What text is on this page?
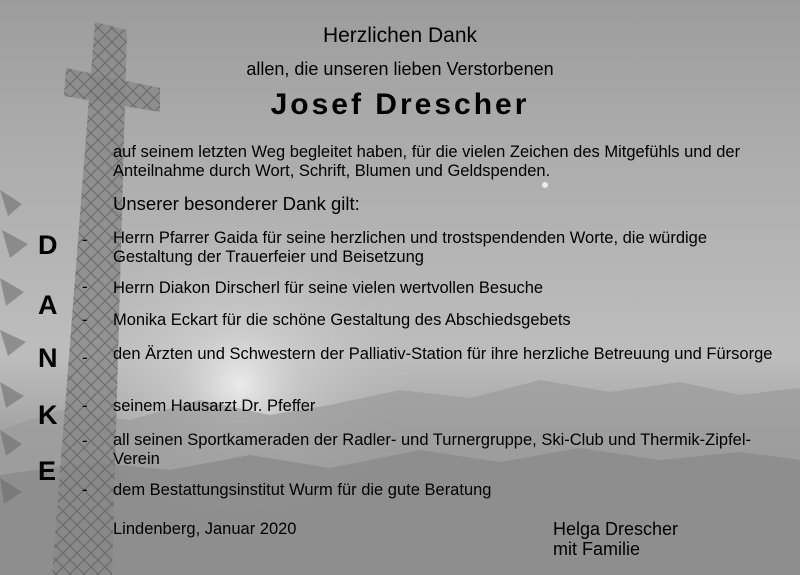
Herzlichen Dank

allen, die unseren lieben Verstorbenen

Josef Drescher

auf seinem letzten Weg begleitet haben, für die vielen Zeichen des Mitgefühls und der Anteilnahme durch Wort, Schrift, Blumen und Geldspenden.

Unserer besonderer Dank gilt:

D

A

N

K

E

- Herrn Pfarrer Gaida für seine herzlichen und trostspendenden Worte, die würdige Gestaltung der Trauerfeier und Beisetzung

- Herrn Diakon Dirscherl für seine vielen wertvollen Besuche

- Monika Eckart für die schöne Gestaltung des Abschiedsgebets

- den Ärzten und Schwestern der Palliativ-Station für ihre herzliche Betreuung und Fürsorge

- seinem Hausarzt Dr. Pfeffer

- all seinen Sportkameraden der Radler- und Turnergruppe, Ski-Club und Thermik-Zipfel-Verein

- dem Bestattungsinstitut Wurm für die gute Beratung

Lindenberg, Januar 2020	Helga Drescher

mit Familie
